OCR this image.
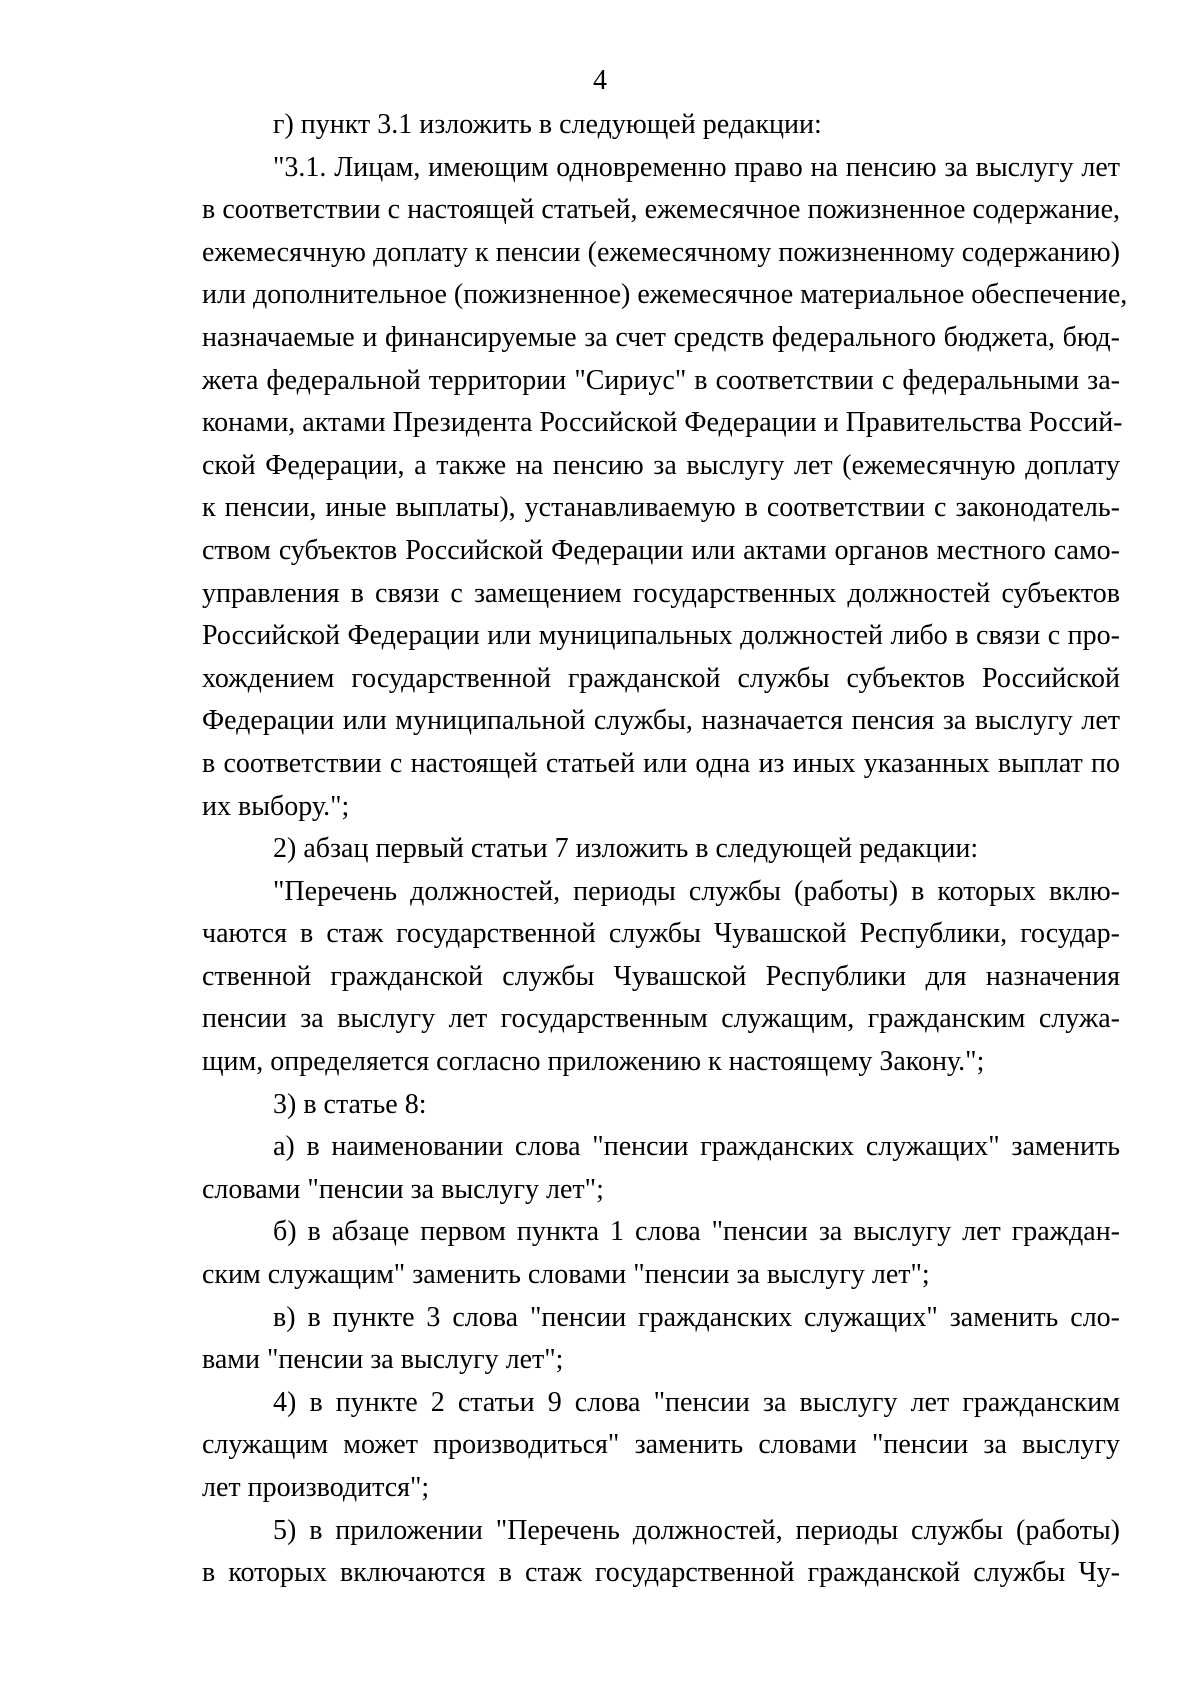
4
г) пункт 3.1 изложить в следующей редакции:
"3.1. Лицам, имеющим одновременно право на пенсию за выслугу лет
в соответствии с настоящей статьей, ежемесячное пожизненное содержание,
ежемесячную доплату к пенсии (ежемесячному пожизненному содержанию)
или дополнительное (пожизненное) ежемесячное материальное обеспечение,
назначаемые и финансируемые за счет средств федерального бюджета, бюд-
жета федеральной территории "Сириус" в соответствии с федеральными за-
конами, актами Президента Российской Федерации и Правительства Россий-
ской Федерации, а также на пенсию за выслугу лет (ежемесячную доплату
к пенсии, иные выплаты), устанавливаемую в соответствии с законодатель-
ством субъектов Российской Федерации или актами органов местного само-
управления в связи с замещением государственных должностей субъектов
Российской Федерации или муниципальных должностей либо в связи с про-
хождением государственной гражданской службы субъектов Российской
Федерации или муниципальной службы, назначается пенсия за выслугу лет
в соответствии с настоящей статьей или одна из иных указанных выплат по
их выбору.";
2) абзац первый статьи 7 изложить в следующей редакции:
"Перечень должностей, периоды службы (работы) в которых вклю-
чаются в стаж государственной службы Чувашской Республики, государ-
ственной гражданской службы Чувашской Республики для назначения
пенсии за выслугу лет государственным служащим, гражданским служа-
щим, определяется согласно приложению к настоящему Закону.";
3) в статье 8:
а) в наименовании слова "пенсии гражданских служащих" заменить
словами "пенсии за выслугу лет";
б) в абзаце первом пункта 1 слова "пенсии за выслугу лет граждан-
ским служащим" заменить словами "пенсии за выслугу лет";
в) в пункте 3 слова "пенсии гражданских служащих" заменить сло-
вами "пенсии за выслугу лет";
4) в пункте 2 статьи 9 слова "пенсии за выслугу лет гражданским
служащим может производиться" заменить словами "пенсии за выслугу
лет производится";
5) в приложении "Перечень должностей, периоды службы (работы)
в которых включаются в стаж государственной гражданской службы Чу-
